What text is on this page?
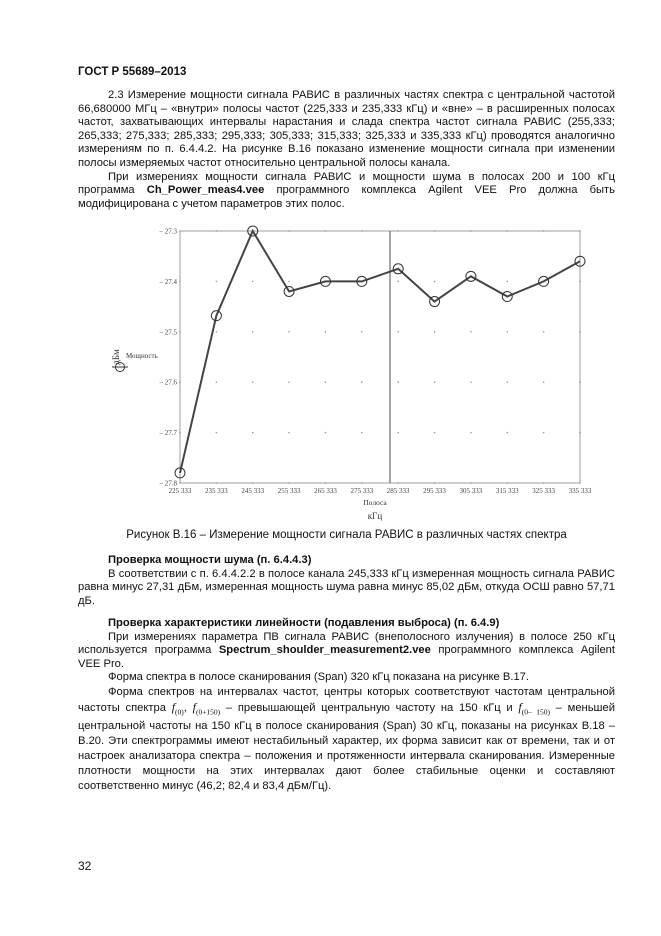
ГОСТ Р 55689–2013

2.3 Измерение мощности сигнала РАВИС в различных частях спектра с центральной частотой 66,680000 МГц – «внутри» полосы частот (225,333 и 235,333 кГц) и «вне» – в расширенных полосах частот, захватывающих интервалы нарастания и слада спектра частот сигнала РАВИС (255,333; 265,333; 275,333; 285,333; 295,333; 305,333; 315,333; 325,333 и 335,333 кГц) проводятся аналогично измерениям по п. 6.4.4.2. На рисунке В.16 показано изменение мощности сигнала при изменении полосы измеряемых частот относительно центральной полосы канала.

При измерениях мощности сигнала РАВИС и мощности шума в полосах 200 и 100 кГц программа Ch_Power_meas4.vee программного комплекса Agilent VEE Pro должна быть модифицирована с учетом параметров этих полос.

– 27.3
– 27.4
– 27.5
– 27.6
– 27.7
– 27.8
225 333 235 333 245 333 255 333 265 333 275 333 285 333 295 333 305 333 315 333 325 333 335 333
дБм Мощность
Полоса
кГц
Рисунок В.16 – Измерение мощности сигнала РАВИС в различных частях спектра

Проверка мощности шума (п. 6.4.4.3)

В соответствии с п. 6.4.4.2.2 в полосе канала 245,333 кГц измеренная мощность сигнала РАВИС равна минус 27,31 дБм, измеренная мощность шума равна минус 85,02 дБм, откуда ОСШ равно 57,71 дБ.

Проверка характеристики линейности (подавления выброса) (п. 6.4.9)

При измерениях параметра ПВ сигнала РАВИС (внеполосного излучения) в полосе 250 кГц используется программа Spectrum_shoulder_measurement2.vee программного комплекса Agilent VEE Pro.

Форма спектра в полосе сканирования (Span) 320 кГц показана на рисунке В.17.

Форма спектров на интервалах частот, центры которых соответствуют частотам центральной частоты спектра $f_{(0)}$, $f_{(0+150)}$ – превышающей центральную частоту на 150 кГц и $f_{(0- 150)}$ – меньшей центральной частоты на 150 кГц в полосе сканирования (Span) 30 кГц, показаны на рисунках В.18 – В.20. Эти спектрограммы имеют нестабильный характер, их форма зависит как от времени, так и от настроек анализатора спектра – положения и протяженности интервала сканирования. Измеренные плотности мощности на этих интервалах дают более стабильные оценки и составляют соответственно минус (46,2; 82,4 и 83,4 дБм/Гц).

32
